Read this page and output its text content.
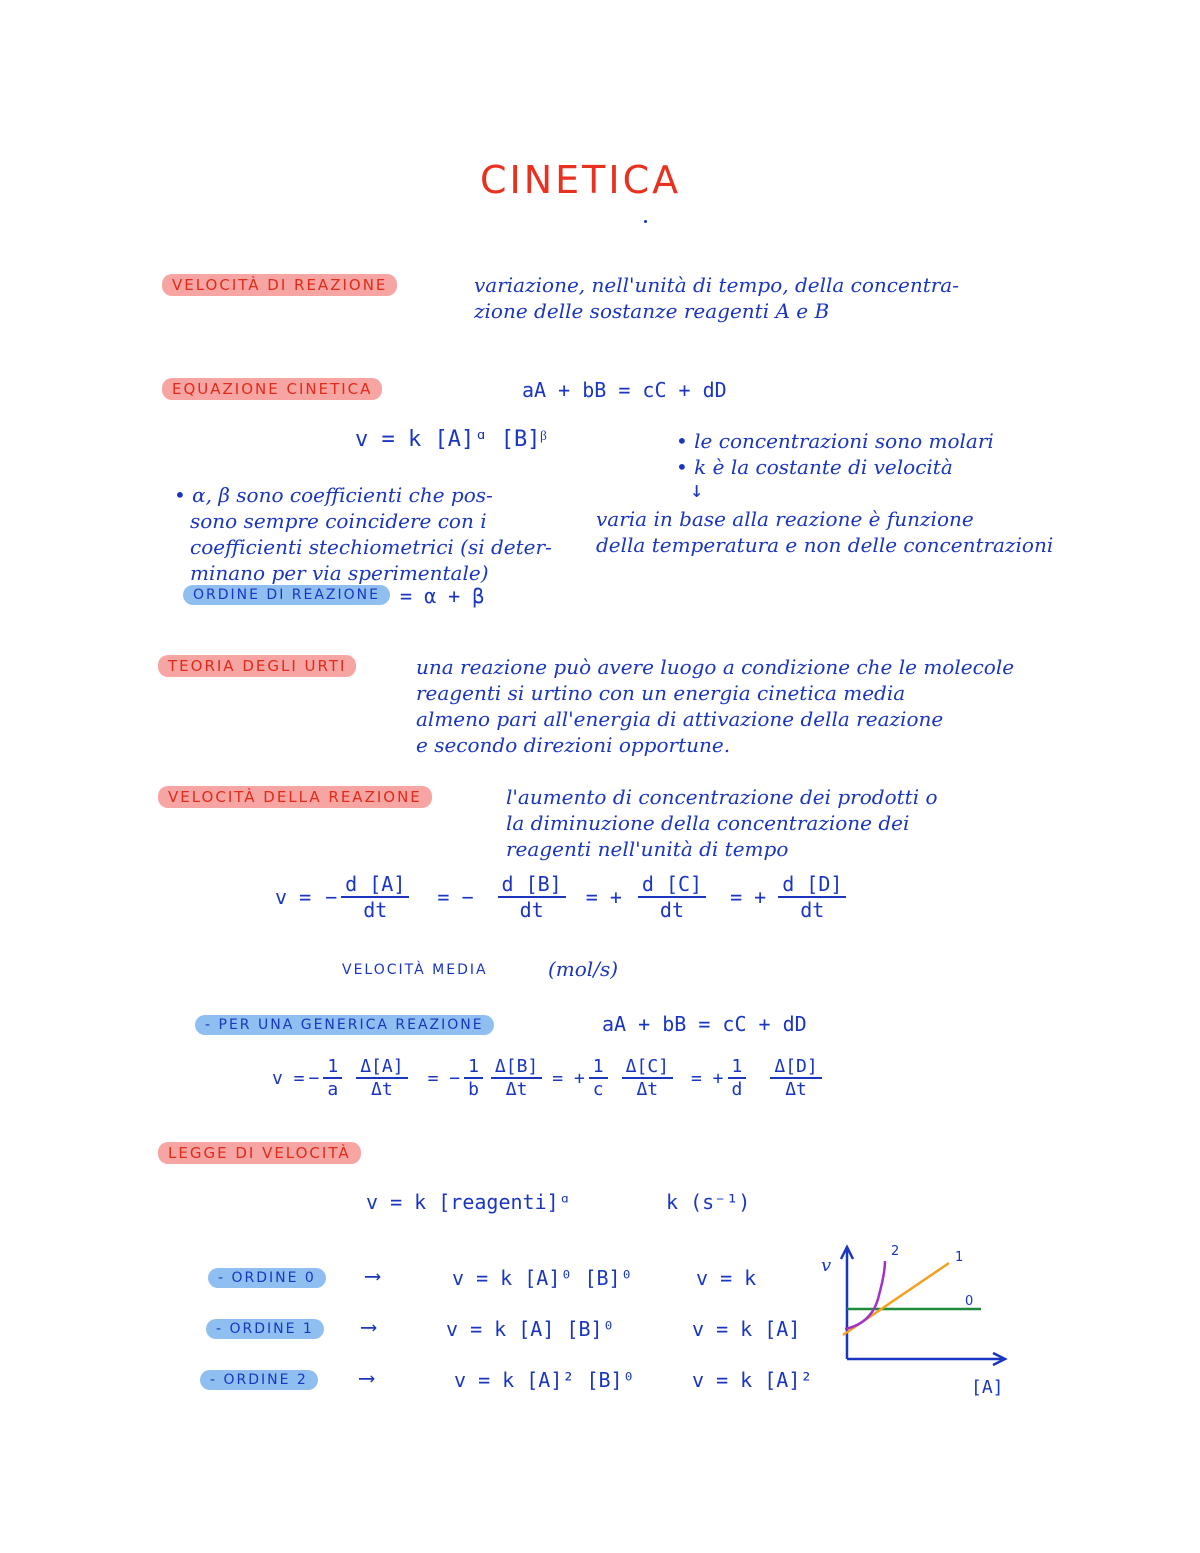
CINETICA
VELOCITÀ DI REAZIONE	variazione, nell'unità di tempo, della concentra-
zione delle sostanze reagenti A e B
EQUAZIONE CINETICA	aA + bB = cC + dD
v = k [A]ᵅ [B]ᵝ	• le concentrazioni sono molari
• k è la costante di velocità
↓
varia in base alla reazione è funzione
della temperatura e non delle concentrazioni
• α, β sono coefficienti che pos-
sono sempre coincidere con i
coefficienti stechiometrici (si deter-
minano per via sperimentale)
ORDINE DI REAZIONE	= α + β
TEORIA DEGLI URTI	una reazione può avere luogo a condizione che le molecole
reagenti si urtino con un energia cinetica media
almeno pari all'energia di attivazione della reazione
e secondo direzioni opportune.
VELOCITÀ DELLA REAZIONE	l'aumento di concentrazione dei prodotti o
la diminuzione della concentrazione dei
reagenti nell'unità di tempo
v = − $\frac{d [A]}{dt}$ = − $\frac{d [B]}{dt}$ = + $\frac{d [C]}{dt}$ = + $\frac{d [D]}{dt}$
VELOCITÀ MEDIA	(mol/s)
- PER UNA GENERICA REAZIONE	aA + bB = cC + dD
v = − $\frac{1}{a} \frac{\Delta[A]}{\Delta t}$ = − $\frac{1}{b} \frac{\Delta[B]}{\Delta t}$ = + $\frac{1}{c} \frac{\Delta[C]}{\Delta t}$ = + $\frac{1}{d} \frac{\Delta[D]}{\Delta t}$
LEGGE DI VELOCITÀ
v = k [reagenti]ᵅ	k (s⁻¹)
- ORDINE 0	⟶	v = k [A]⁰ [B]⁰	v = k
- ORDINE 1	⟶	v = k [A] [B]⁰	v = k [A]
- ORDINE 2	⟶	v = k [A]² [B]⁰	v = k [A]²
v
[A]
0
1
2
